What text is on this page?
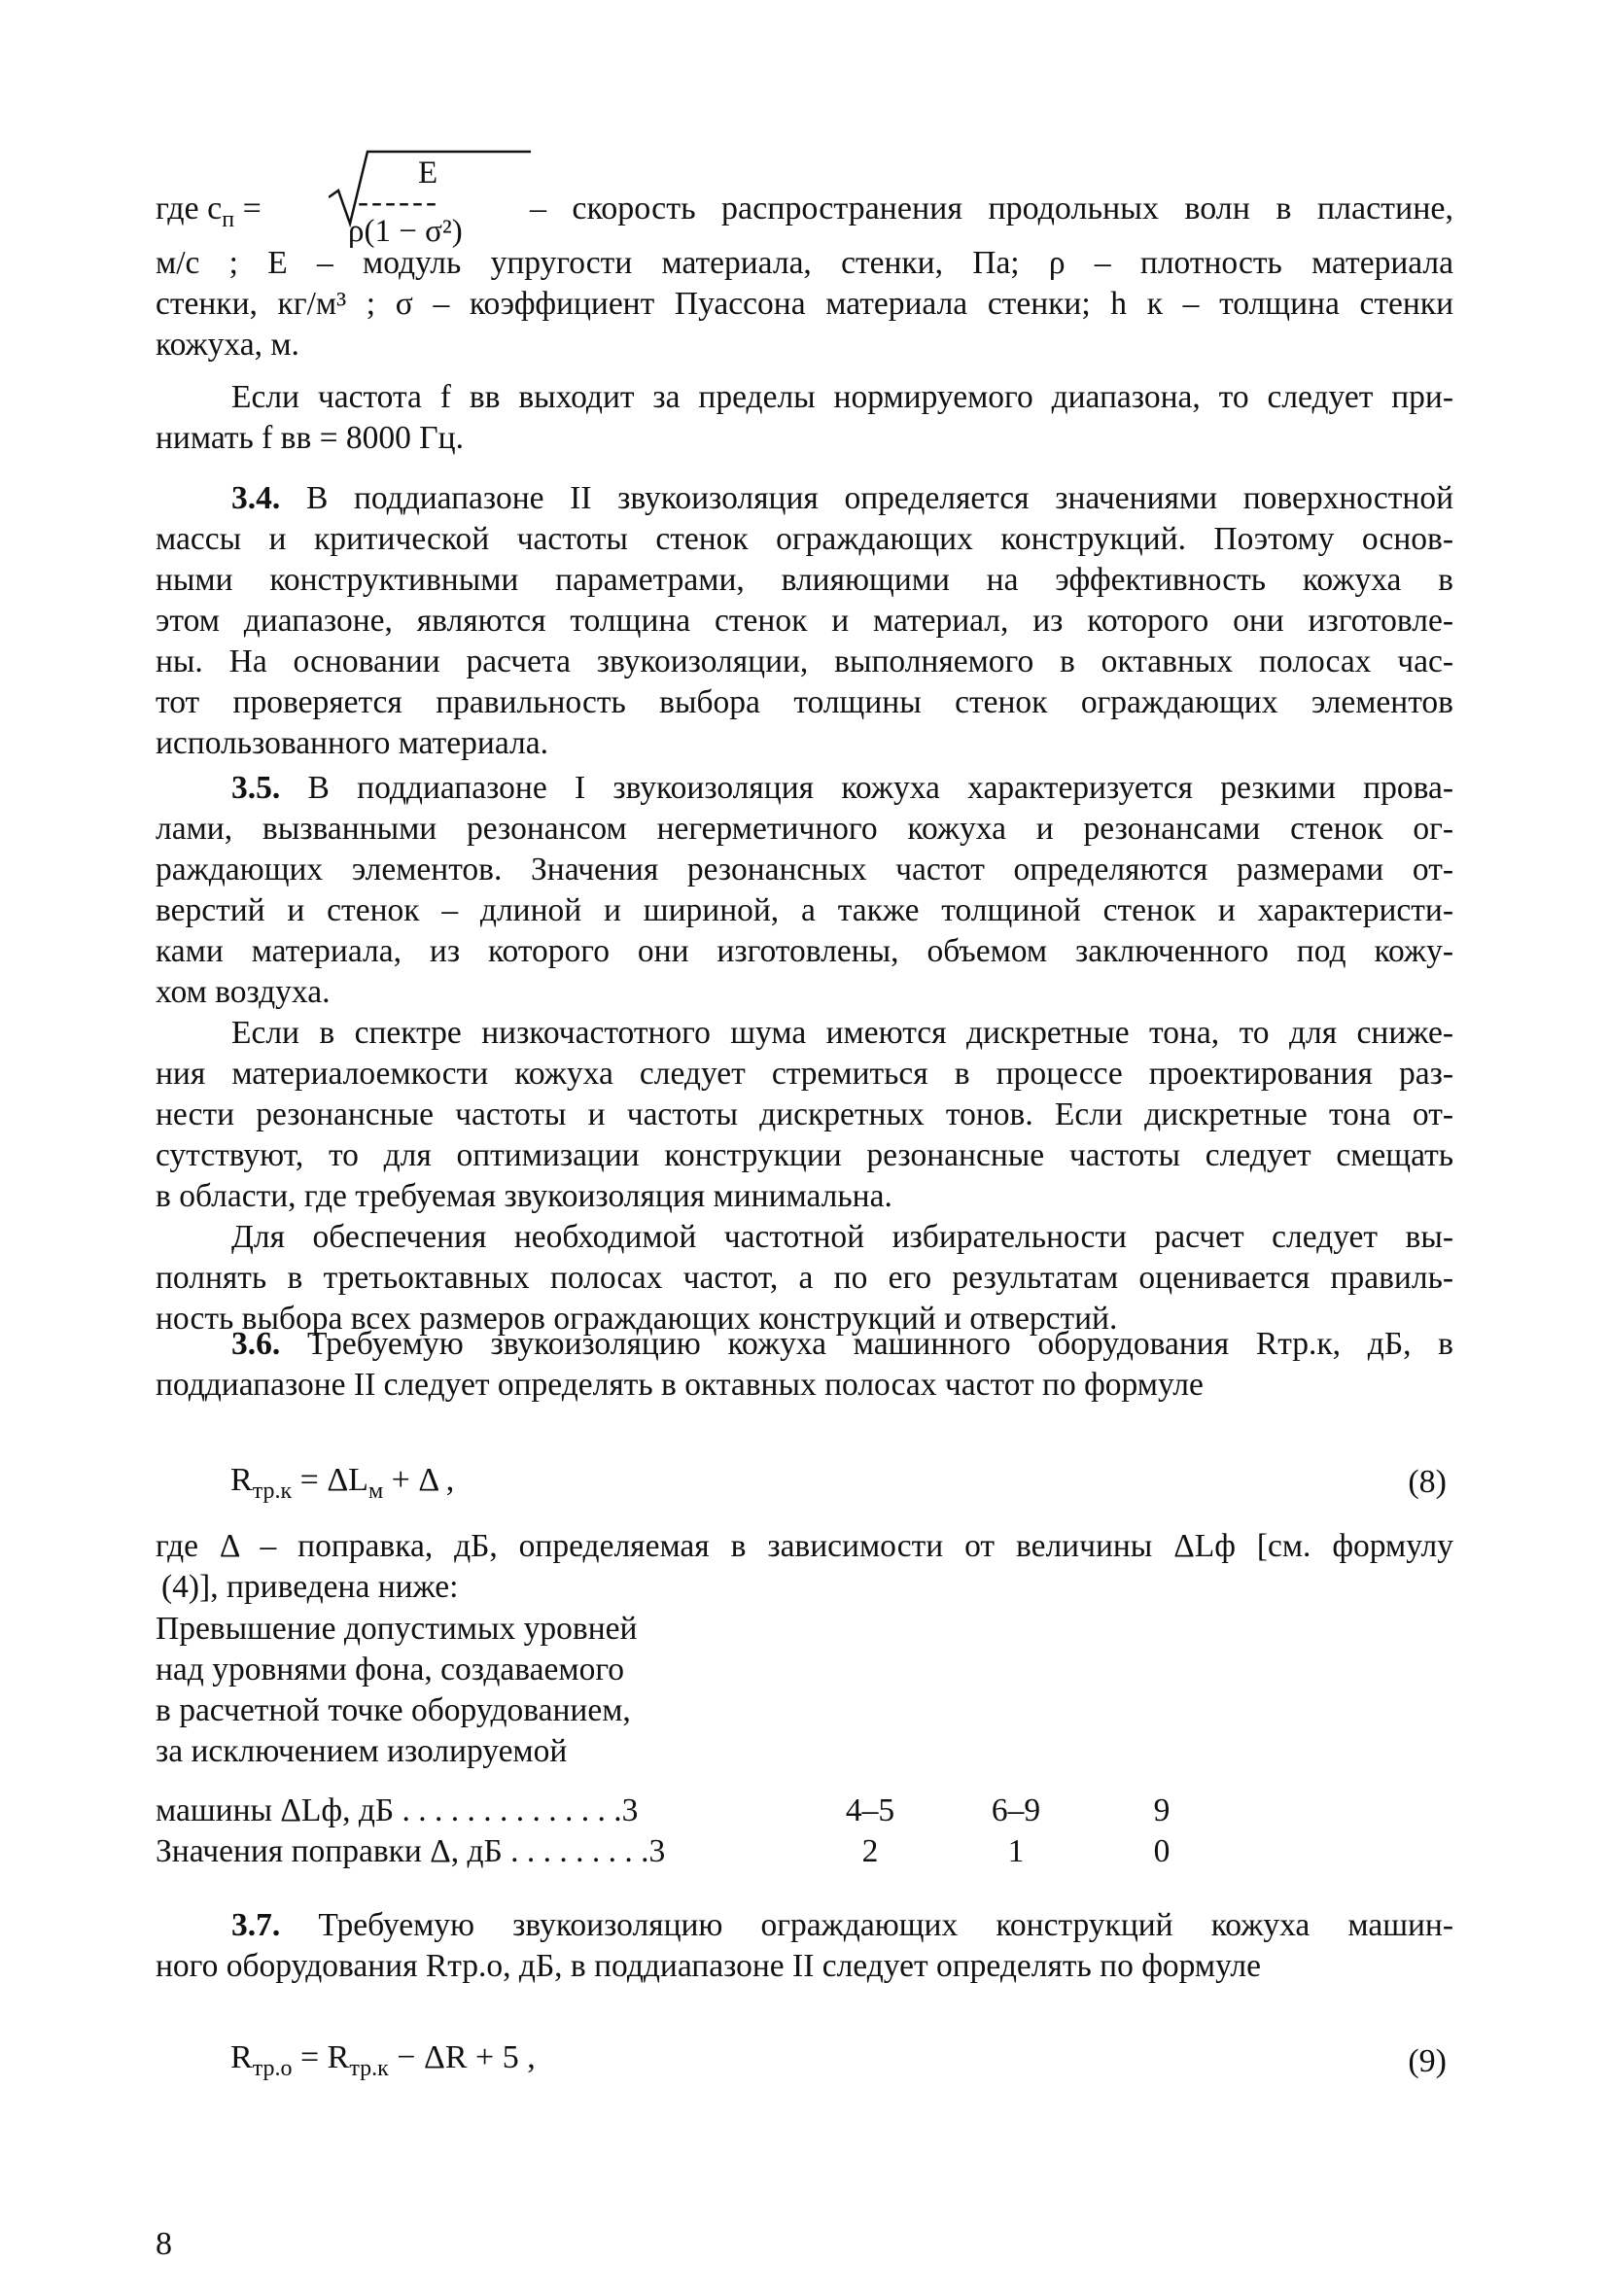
где $c_п$ =
E
------
ρ(1 − σ²)
– скорость распространения продольных волн в пластине,
м/с ; Е – модуль упругости материала, стенки, Па; ρ – плотность материала
стенки, кг/м³ ; σ – коэффициент Пуассона материала стенки; h к – толщина стенки
кожуха, м.
Если частота f вв выходит за пределы нормируемого диапазона, то следует при-
нимать f вв = 8000 Гц.
3.4. В поддиапазоне II звукоизоляция определяется значениями поверхностной
массы и критической частоты стенок ограждающих конструкций. Поэтому основ-
ными конструктивными параметрами, влияющими на эффективность кожуха в
этом диапазоне, являются толщина стенок и материал, из которого они изготовле-
ны. На основании расчета звукоизоляции, выполняемого в октавных полосах час-
тот проверяется правильность выбора толщины стенок ограждающих элементов
использованного материала.
3.5. В поддиапазоне I звукоизоляция кожуха характеризуется резкими прова-
лами, вызванными резонансом негерметичного кожуха и резонансами стенок ог-
раждающих элементов. Значения резонансных частот определяются размерами от-
верстий и стенок – длиной и шириной, а также толщиной стенок и характеристи-
ками материала, из которого они изготовлены, объемом заключенного под кожу-
хом воздуха.
Если в спектре низкочастотного шума имеются дискретные тона, то для сниже-
ния материалоемкости кожуха следует стремиться в процессе проектирования раз-
нести резонансные частоты и частоты дискретных тонов. Если дискретные тона от-
сутствуют, то для оптимизации конструкции резонансные частоты следует смещать
в области, где требуемая звукоизоляция минимальна.
Для обеспечения необходимой частотной избирательности расчет следует вы-
полнять в третьоктавных полосах частот, а по его результатам оценивается правиль-
ность выбора всех размеров ограждающих конструкций и отверстий.
3.6. Требуемую звукоизоляцию кожуха машинного оборудования Rтр.к, дБ, в
поддиапазоне II следует определять в октавных полосах частот по формуле
$R_{тр.к} = \Delta L_м + \Delta$ ,	(8)
где Δ – поправка, дБ, определяемая в зависимости от величины ΔLф [см. формулу
(4)], приведена ниже:
Превышение допустимых уровней
над уровнями фона, создаваемого
в расчетной точке оборудованием,
за исключением изолируемой
машины ΔLф, дБ . . . . . . . . . . . . . .3	4–5	6–9	9
Значения поправки Δ, дБ . . . . . . . . .3	2	1	0
3.7. Требуемую звукоизоляцию ограждающих конструкций кожуха машин-
ного оборудования Rтр.о, дБ, в поддиапазоне II следует определять по формуле
$R_{тр.о} = R_{тр.к} - \Delta R + 5$ ,	(9)
8
